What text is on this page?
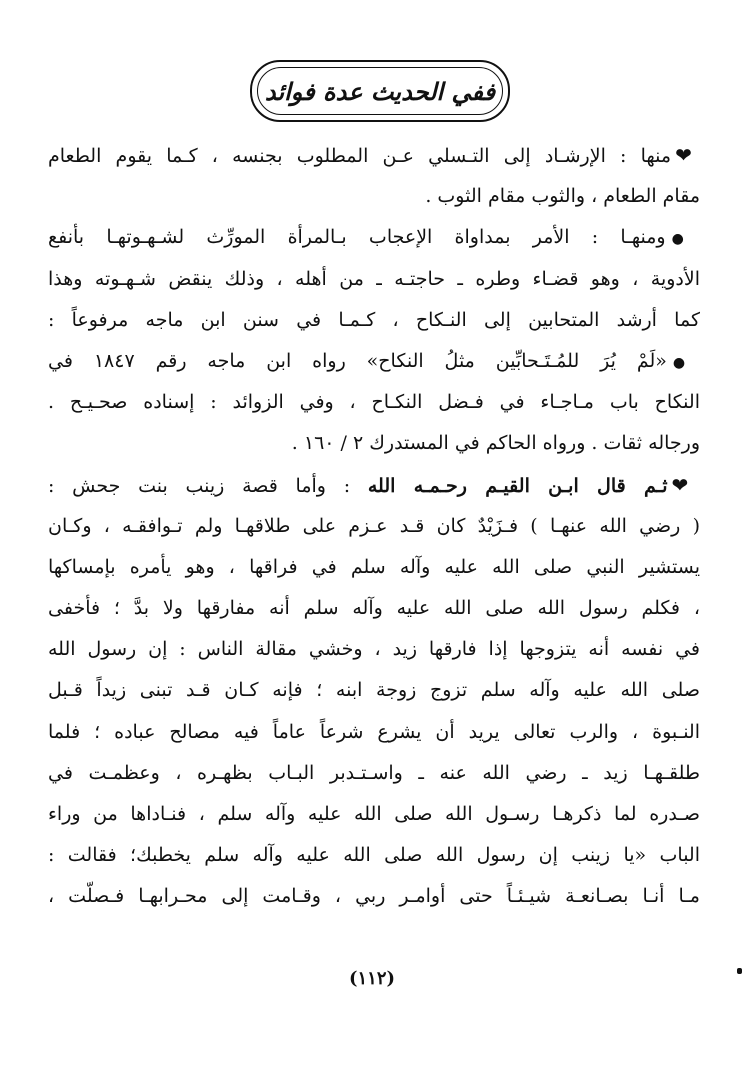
ففي الحديث عدة فوائد
❤منها : الإرشـاد إلى التـسلي عـن المطلوب بجنسه ، كـما يقوم الطعام
مقام الطعام ، والثوب مقام الثوب .
●ومنهـا : الأمر بمداواة الإعجاب بـالمرأة المورِّث لشـهـوتهـا بأنفع
الأدوية ، وهو قضـاء وطره ـ حاجتـه ـ من أهله ، وذلك ينقض شـهـوته وهذا
كما أرشد المتحابين إلى النـكاح ، كـمـا في سنن ابن ماجه مرفوعاً :
●«لَمْ يُرَ للمُـتَـحابِّين مثلُ النكاح» رواه ابن ماجه رقم ١٨٤٧ في
النكاح باب مـاجـاء في فـضل النكـاح ، وفي الزوائد : إسناده صحـيـح .
ورجاله ثقات . ورواه الحاكم في المستدرك ٢ / ١٦٠ .
❤ثـم قال ابـن القيـم رحـمـه الله : وأما قصة زينب بنت جحش :
( رضي الله عنهـا ) فـزَيْدٌ كان قـد عـزم على طلاقهـا ولم تـوافقـه ، وكـان
يستشير النبي صلى الله عليه وآله سلم في فراقها ، وهو يأمره بإمساكها
، فكلم رسول الله صلى الله عليه وآله سلم أنه مفارقها ولا بدَّ ؛ فأخفى
في نفسه أنه يتزوجها إذا فارقها زيد ، وخشي مقالة الناس : إن رسول الله
صلى الله عليه وآله سلم تزوج زوجة ابنه ؛ فإنه كـان قـد تبنى زيداً قـبل
النـبوة ، والرب تعالى يريد أن يشرع شرعاً عاماً فيه مصالح عباده ؛ فلما
طلقـهـا زيد ـ رضي الله عنه ـ واسـتـدبر البـاب بظهـره ، وعظمـت في
صـدره لما ذكرهـا رسـول الله صلى الله عليه وآله سلم ، فنـاداها من وراء
الباب «يا زينب إن رسول الله صلى الله عليه وآله سلم يخطبك؛ فقالت :
مـا أنـا بصـانعـة شيـئـاً حتى أوامـر ربي ، وقـامت إلى محـرابهـا فـصلّت ،
(١١٢)
